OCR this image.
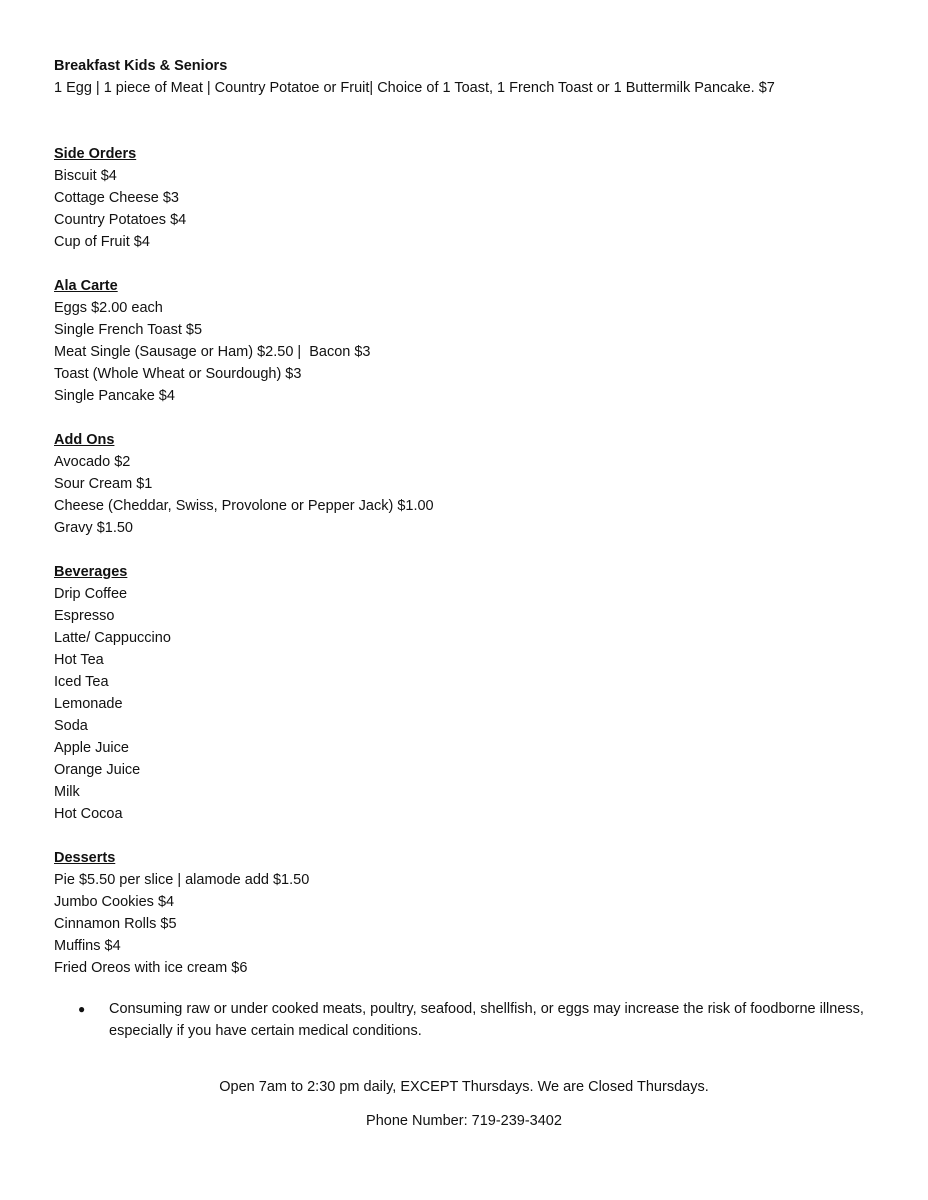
Breakfast Kids & Seniors
1 Egg | 1 piece of Meat | Country Potatoe or Fruit| Choice of 1 Toast, 1 French Toast or 1 Buttermilk Pancake. $7
Side Orders
Biscuit $4
Cottage Cheese $3
Country Potatoes $4
Cup of Fruit $4
Ala Carte
Eggs $2.00 each
Single French Toast $5
Meat Single (Sausage or Ham) $2.50 |  Bacon $3
Toast (Whole Wheat or Sourdough) $3
Single Pancake $4
Add Ons
Avocado $2
Sour Cream $1
Cheese (Cheddar, Swiss, Provolone or Pepper Jack) $1.00
Gravy $1.50
Beverages
Drip Coffee
Espresso
Latte/ Cappuccino
Hot Tea
Iced Tea
Lemonade
Soda
Apple Juice
Orange Juice
Milk
Hot Cocoa
Desserts
Pie $5.50 per slice | alamode add $1.50
Jumbo Cookies $4
Cinnamon Rolls $5
Muffins $4
Fried Oreos with ice cream $6
● Consuming raw or under cooked meats, poultry, seafood, shellfish, or eggs may increase the risk of foodborne illness, especially if you have certain medical conditions.
Open 7am to 2:30 pm daily, EXCEPT Thursdays. We are Closed Thursdays.
Phone Number: 719-239-3402
